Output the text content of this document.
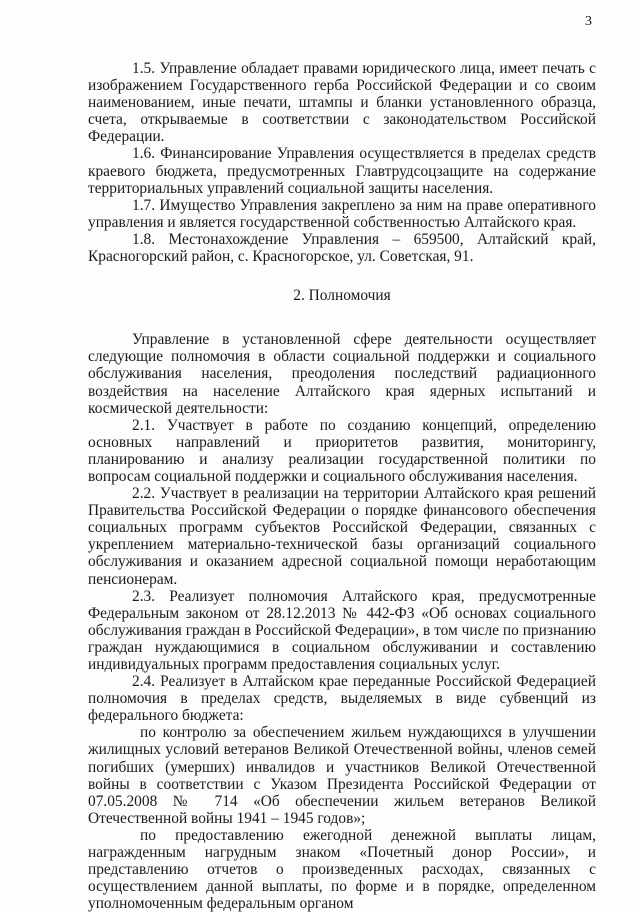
3

1.5. Управление обладает правами юридического лица, имеет печать с изображением Государственного герба Российской Федерации и со своим наименованием, иные печати, штампы и бланки установленного образца, счета, открываемые в соответствии с законодательством Российской Федерации.

1.6. Финансирование Управления осуществляется в пределах средств краевого бюджета, предусмотренных Главтрудсоцзащите на содержание территориальных управлений социальной защиты населения.

1.7. Имущество Управления закреплено за ним на праве оперативного управления и является государственной собственностью Алтайского края.

1.8. Местонахождение Управления – 659500, Алтайский край, Красногорский район, с. Красногорское, ул. Советская, 91.

2. Полномочия

Управление в установленной сфере деятельности осуществляет следующие полномочия в области социальной поддержки и социального обслуживания населения, преодоления последствий радиационного воздействия на население Алтайского края ядерных испытаний и космической деятельности:

2.1. Участвует в работе по созданию концепций, определению основных направлений и приоритетов развития, мониторингу, планированию и анализу реализации государственной политики по вопросам социальной поддержки и социального обслуживания населения.

2.2. Участвует в реализации на территории Алтайского края решений Правительства Российской Федерации о порядке финансового обеспечения социальных программ субъектов Российской Федерации, связанных с укреплением материально-технической базы организаций социального обслуживания и оказанием адресной социальной помощи неработающим пенсионерам.

2.3. Реализует полномочия Алтайского края, предусмотренные Федеральным законом от 28.12.2013 № 442-ФЗ «Об основах социального обслуживания граждан в Российской Федерации», в том числе по признанию граждан нуждающимися в социальном обслуживании и составлению индивидуальных программ предоставления социальных услуг.

2.4. Реализует в Алтайском крае переданные Российской Федерацией полномочия в пределах средств, выделяемых в виде субвенций из федерального бюджета:

по контролю за обеспечением жильем нуждающихся в улучшении жилищных условий ветеранов Великой Отечественной войны, членов семей погибших (умерших) инвалидов и участников Великой Отечественной войны в соответствии с Указом Президента Российской Федерации от 07.05.2008 № 714 «Об обеспечении жильем ветеранов Великой Отечественной войны 1941 – 1945 годов»;

по предоставлению ежегодной денежной выплаты лицам, награжденным нагрудным знаком «Почетный донор России», и представлению отчетов о произведенных расходах, связанных с осуществлением данной выплаты, по форме и в порядке, определенном уполномоченным федеральным органом
